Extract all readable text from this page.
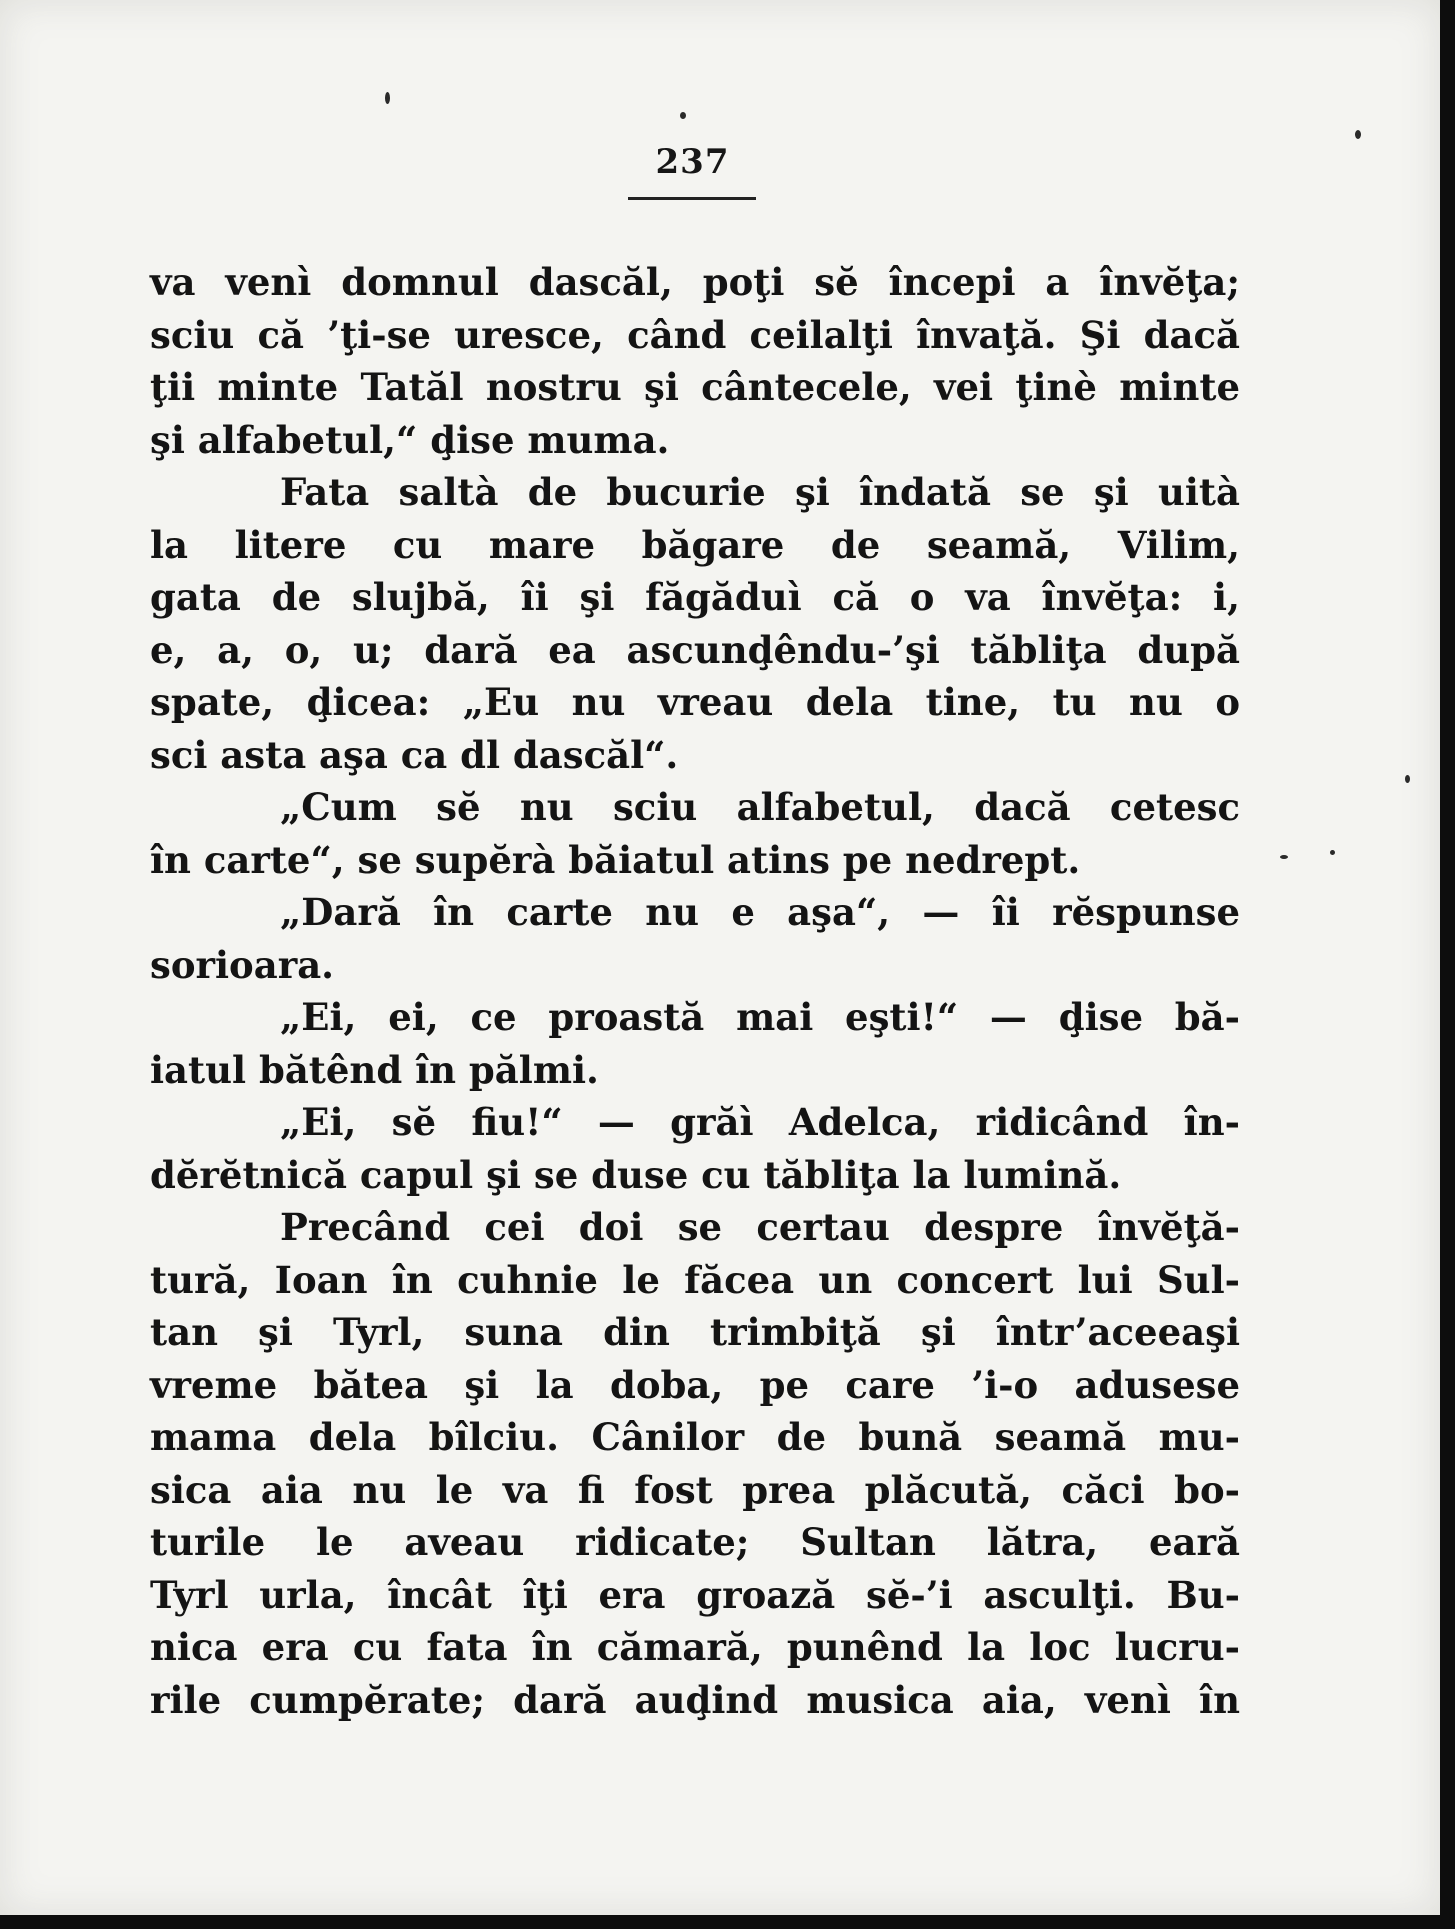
237
va venì domnul dascăl, poţi sĕ începi a învĕţa;
sciu că ’ţi-se uresce, când ceilalţi învaţă. Şi dacă
ţii minte Tatăl nostru şi cântecele, vei ţinè minte
şi alfabetul,“ ḑise muma.
Fata saltà de bucurie şi îndată se şi uità
la litere cu mare băgare de seamă, Vilim,
gata de slujbă, îi şi făgăduì că o va învĕţa: i,
e, a, o, u; dară ea ascunḑêndu-’şi tăbliţa după
spate, ḑicea: „Eu nu vreau dela tine, tu nu o
sci asta aşa ca dl dascăl“.
„Cum sĕ nu sciu alfabetul, dacă cetesc
în carte“, se supĕrà băiatul atins pe nedrept.
„Dară în carte nu e aşa“, — îi rĕspunse
sorioara.
„Ei, ei, ce proastă mai eşti!“ — ḑise bă-
iatul bătênd în pălmi.
„Ei, sĕ fiu!“ — grăì Adelca, ridicând în-
dĕrĕtnică capul şi se duse cu tăbliţa la lumină.
Precând cei doi se certau despre învĕţă-
tură, Ioan în cuhnie le făcea un concert lui Sul-
tan şi Tyrl, suna din trimbiţă şi într’aceeaşi
vreme bătea şi la doba, pe care ’i-o adusese
mama dela bîlciu. Cânilor de bună seamă mu-
sica aia nu le va fi fost prea plăcută, căci bo-
turile le aveau ridicate; Sultan lătra, eară
Tyrl urla, încât îţi era groază sĕ-’i asculţi. Bu-
nica era cu fata în cămară, punênd la loc lucru-
rile cumpĕrate; dară auḑind musica aia, venì în
